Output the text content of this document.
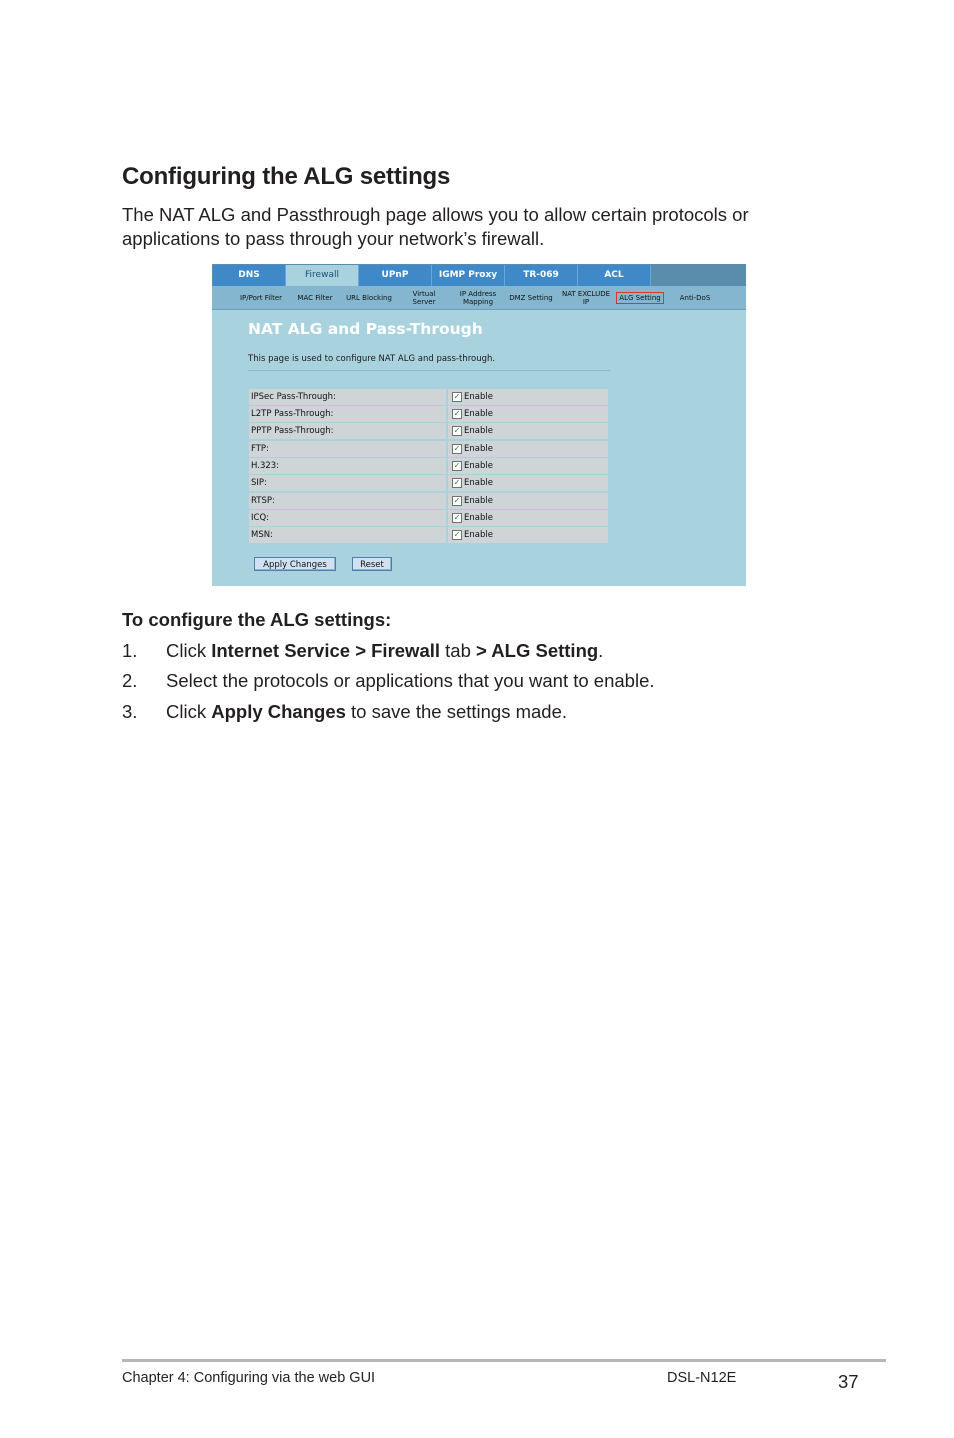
Configuring the ALG settings

The NAT ALG and Passthrough page allows you to allow certain protocols or applications to pass through your network’s firewall.

DNS	Firewall	UPnP	IGMP Proxy	TR-069	ACL
IP/Port Filter MAC Filter URL Blocking	Virtual Server
IP Address Mapping	DMZ Setting NAT EXCLUDE IP	ALG Setting	Anti-DoS
NAT ALG and Pass-Through
This page is used to configure NAT ALG and pass-through.
IPSec Pass-Through:	✓ Enable
L2TP Pass-Through:	✓ Enable
PPTP Pass-Through:	✓ Enable
FTP:	✓ Enable
H.323:	✓ Enable
SIP:	✓ Enable
RTSP:	✓ Enable
ICQ:	✓ Enable
MSN:	✓ Enable
Apply Changes	Reset
To configure the ALG settings:
1. Click Internet Service > Firewall tab > ALG Setting.
2. Select the protocols or applications that you want to enable.
3. Click Apply Changes to save the settings made.
Chapter 4: Configuring via the web GUI	DSL-N12E	37
